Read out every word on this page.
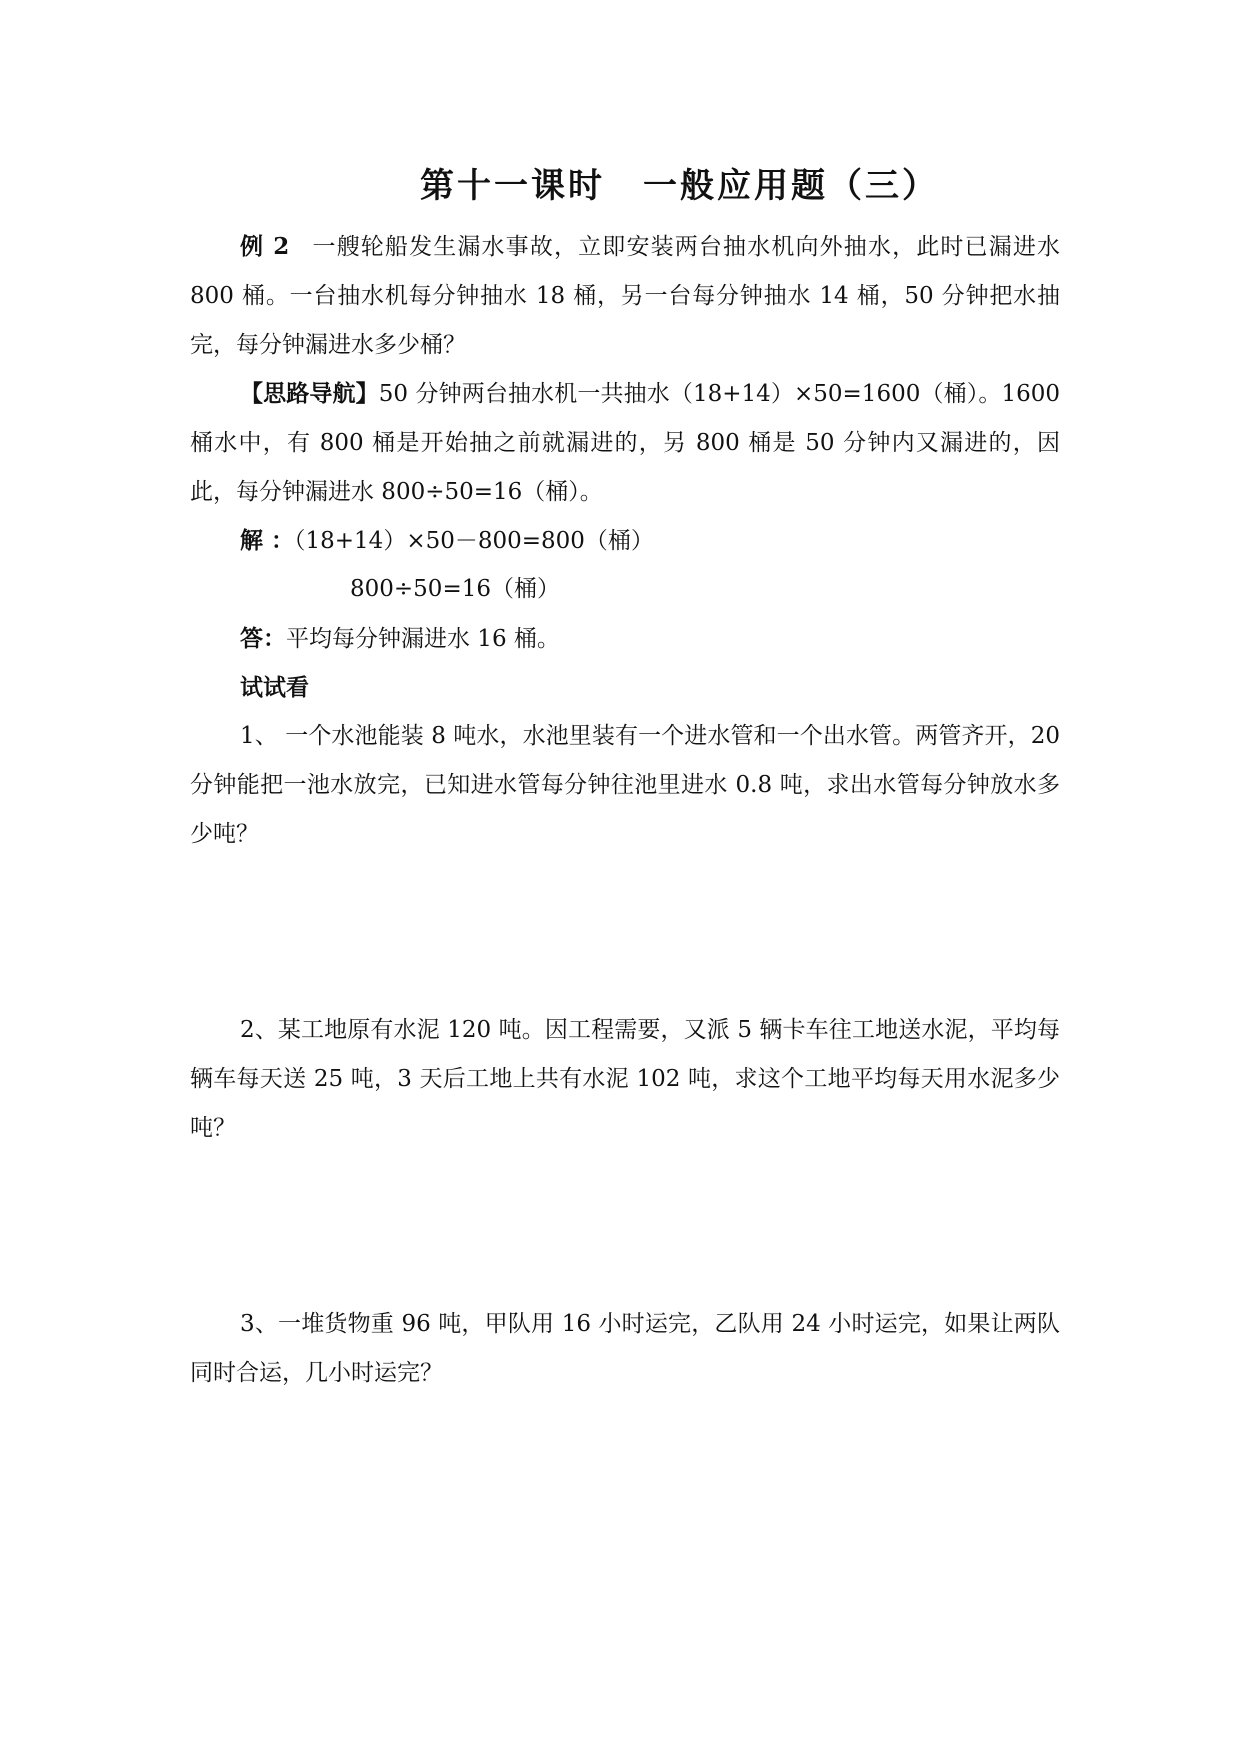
第十一课时 一般应用题（三）

例 2 一艘轮船发生漏水事故，立即安装两台抽水机向外抽水，此时已漏进水 800 桶。一台抽水机每分钟抽水 18 桶，另一台每分钟抽水 14 桶，50 分钟把水抽完，每分钟漏进水多少桶？

【思路导航】50 分钟两台抽水机一共抽水（18+14）×50=1600（桶）。1600 桶水中，有 800 桶是开始抽之前就漏进的，另 800 桶是 50 分钟内又漏进的，因此，每分钟漏进水 800÷50=16（桶）。

解 ：（18+14）×50－800=800（桶）

800÷50=16（桶）

答：平均每分钟漏进水 16 桶。

试试看

1、 一个水池能装 8 吨水，水池里装有一个进水管和一个出水管。两管齐开，20 分钟能把一池水放完，已知进水管每分钟往池里进水 0.8 吨，求出水管每分钟放水多少吨？

2、某工地原有水泥 120 吨。因工程需要，又派 5 辆卡车往工地送水泥，平均每辆车每天送 25 吨，3 天后工地上共有水泥 102 吨，求这个工地平均每天用水泥多少吨？

3、一堆货物重 96 吨，甲队用 16 小时运完，乙队用 24 小时运完，如果让两队同时合运，几小时运完？
